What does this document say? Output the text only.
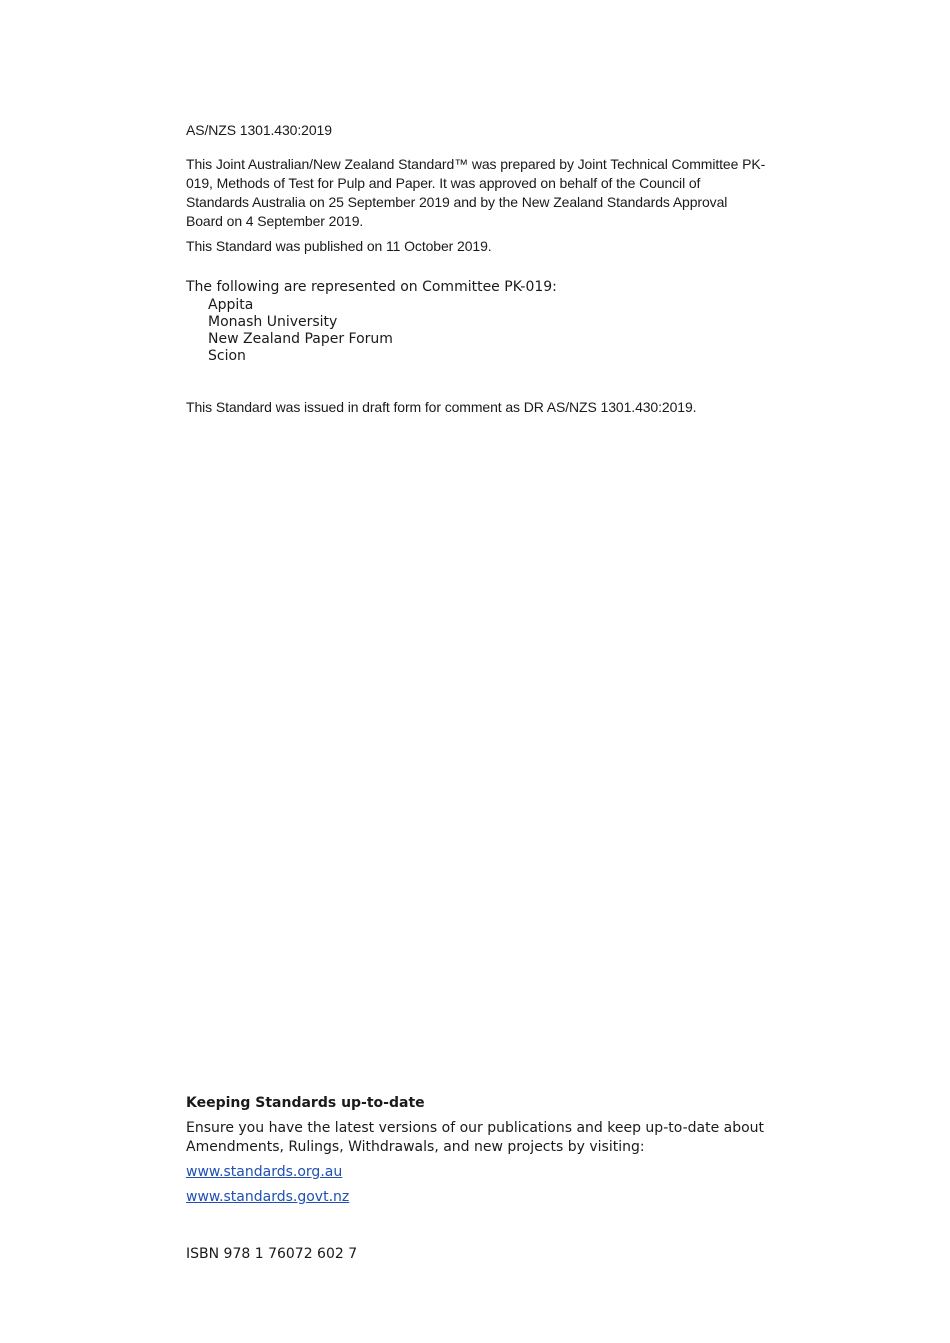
AS/NZS 1301.430:2019

This Joint Australian/New Zealand Standard™ was prepared by Joint Technical Committee PK-019, Methods of Test for Pulp and Paper. It was approved on behalf of the Council of Standards Australia on 25 September 2019 and by the New Zealand Standards Approval Board on 4 September 2019.

This Standard was published on 11 October 2019.

The following are represented on Committee PK-019:

Appita
Monash University
New Zealand Paper Forum
Scion
This Standard was issued in draft form for comment as DR AS/NZS 1301.430:2019.

Keeping Standards up-to-date

Ensure you have the latest versions of our publications and keep up-to-date about Amendments, Rulings, Withdrawals, and new projects by visiting:

www.standards.org.au
www.standards.govt.nz
ISBN 978 1 76072 602 7
